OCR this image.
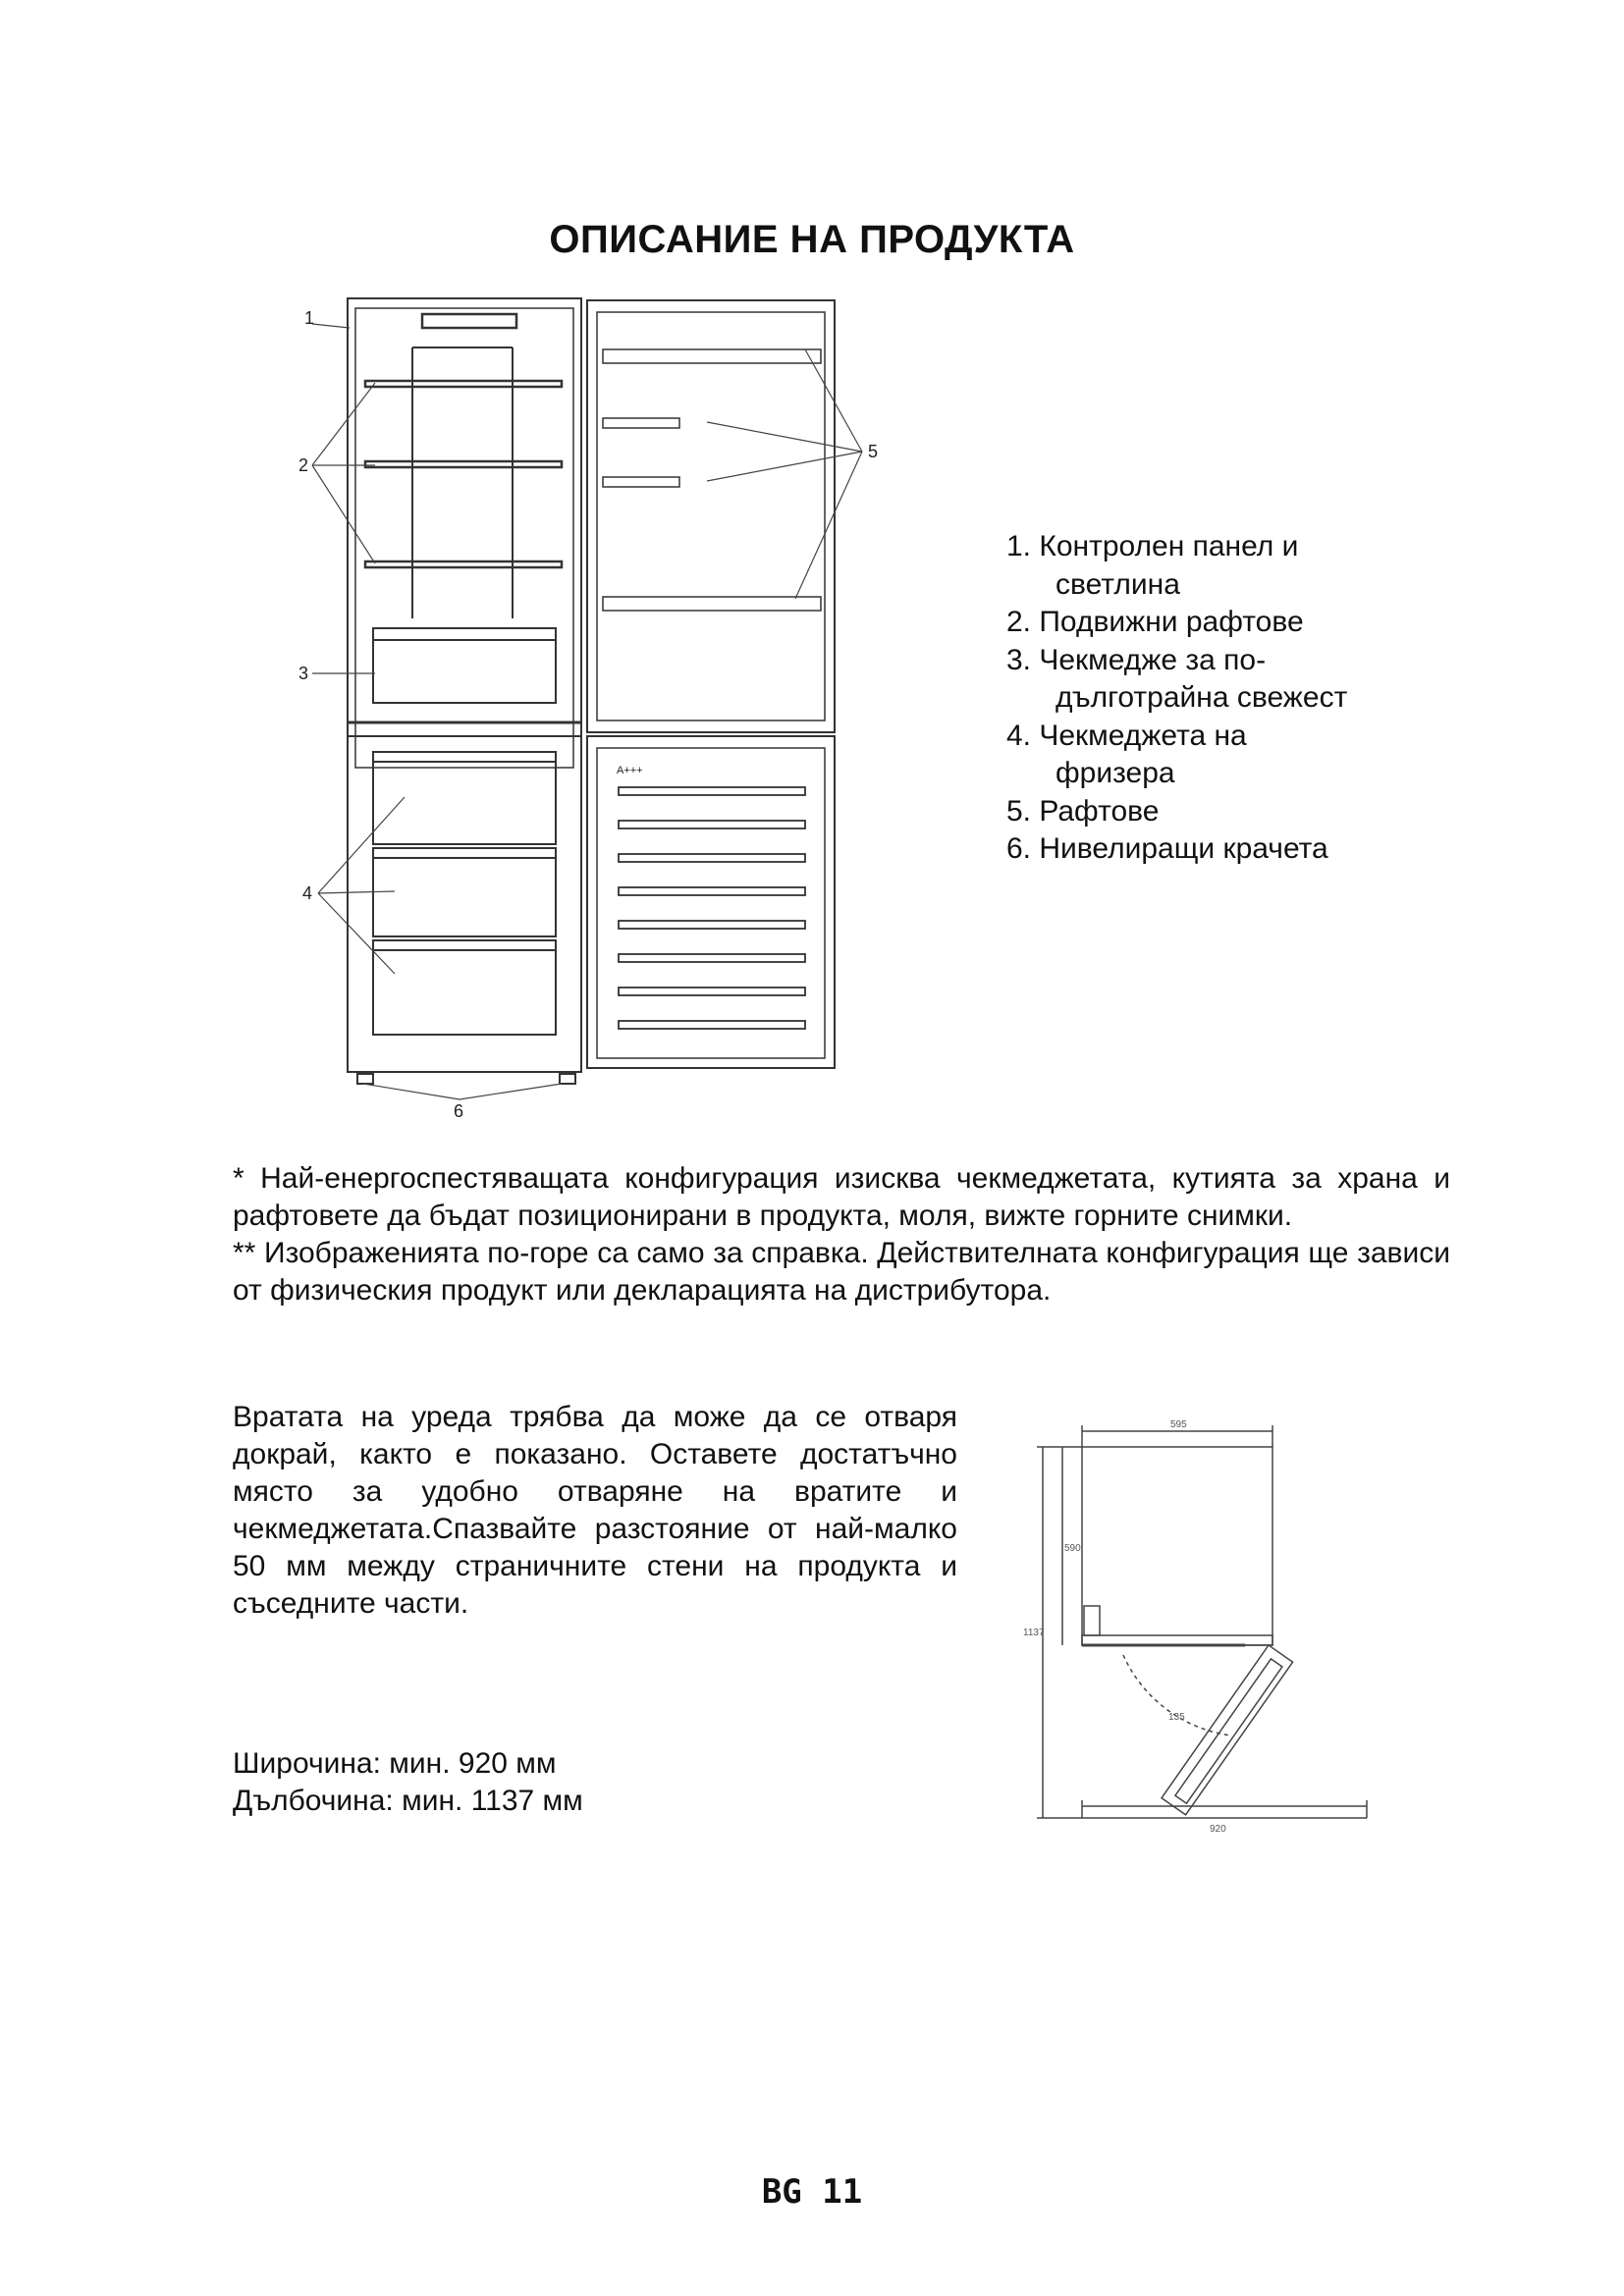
ОПИСАНИЕ НА ПРОДУКТА
1
2
3
4
6
5
A+++
1. Контролен панел и
светлина
2. Подвижни рафтове
3. Чекмедже за по-
дълготрайна свежест
4. Чекмеджета на
фризера
5. Рафтове
6. Нивелиращи крачета

* Най-енергоспестяващата конфигурация изисква чекмеджетата, кутията за храна и рафтовете да бъдат позиционирани в продукта, моля, вижте горните снимки.

** Изображенията по-горе са само за справка. Действителната конфигурация ще зависи от физическия продукт или декларацията на дистрибутора.

Вратата на уреда трябва да може да се отваря докрай, както е показано. Оставете достатъчно място за удобно отваряне на вратите и чекмеджетата.Спазвайте разстояние от най-малко 50 мм между страничните стени на продукта и съседните части.

Широчина: мин. 920 мм
Дълбочина: мин. 1137 мм
595
590
1137
135
920
BG 11
